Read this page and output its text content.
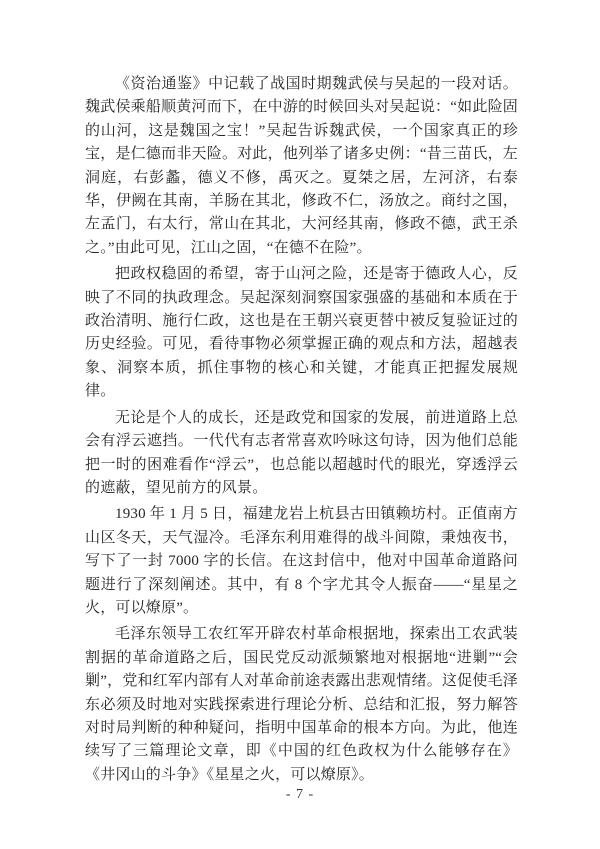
《资治通鉴》中记载了战国时期魏武侯与吴起的一段对话。魏武侯乘船顺黄河而下，在中游的时候回头对吴起说：“如此险固的山河，这是魏国之宝！”吴起告诉魏武侯，一个国家真正的珍宝，是仁德而非天险。对此，他列举了诸多史例：“昔三苗氏，左洞庭，右彭蠡，德义不修，禹灭之。夏桀之居，左河济，右泰华，伊阙在其南，羊肠在其北，修政不仁，汤放之。商纣之国，左孟门，右太行，常山在其北，大河经其南，修政不德，武王杀之。”由此可见，江山之固，“在德不在险”。

把政权稳固的希望，寄于山河之险，还是寄于德政人心，反映了不同的执政理念。吴起深刻洞察国家强盛的基础和本质在于政治清明、施行仁政，这也是在王朝兴衰更替中被反复验证过的历史经验。可见，看待事物必须掌握正确的观点和方法，超越表象、洞察本质，抓住事物的核心和关键，才能真正把握发展规律。

无论是个人的成长，还是政党和国家的发展，前进道路上总会有浮云遮挡。一代代有志者常喜欢吟咏这句诗，因为他们总能把一时的困难看作“浮云”，也总能以超越时代的眼光，穿透浮云的遮蔽，望见前方的风景。

1930 年 1 月 5 日，福建龙岩上杭县古田镇赖坊村。正值南方山区冬天，天气湿冷。毛泽东利用难得的战斗间隙，秉烛夜书，写下了一封 7000 字的长信。在这封信中，他对中国革命道路问题进行了深刻阐述。其中，有 8 个字尤其令人振奋——“星星之火，可以燎原”。

毛泽东领导工农红军开辟农村革命根据地，探索出工农武装割据的革命道路之后，国民党反动派频繁地对根据地“进剿”“会剿”，党和红军内部有人对革命前途表露出悲观情绪。这促使毛泽东必须及时地对实践探索进行理论分析、总结和汇报，努力解答对时局判断的种种疑问，指明中国革命的根本方向。为此，他连续写了三篇理论文章，即《中国的红色政权为什么能够存在》《井冈山的斗争》《星星之火，可以燎原》。

- 7 -
